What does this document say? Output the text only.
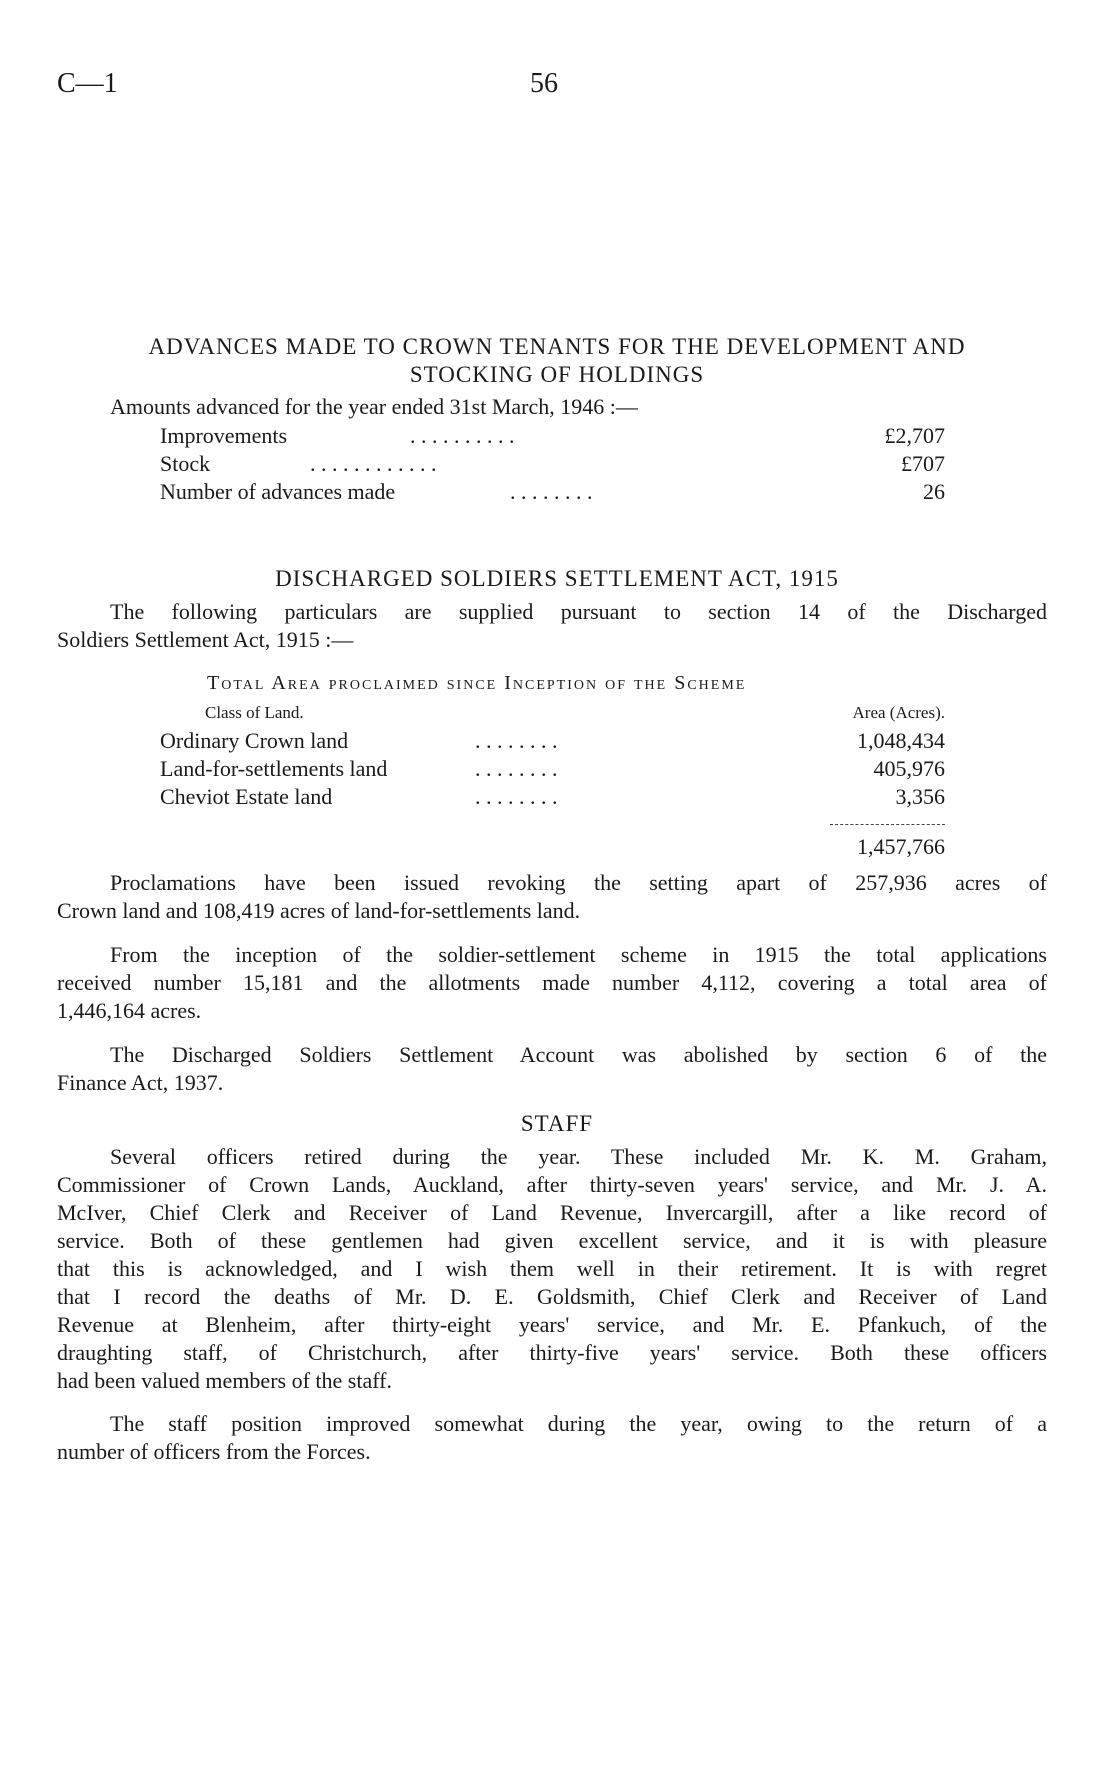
C—1	56
ADVANCES MADE TO CROWN TENANTS FOR THE DEVELOPMENT AND
STOCKING OF HOLDINGS
Amounts advanced for the year ended 31st March, 1946 :—
Improvements	. . . . . . . . . .	£2,707
Stock	. . . . . . . . . . . .	£707
Number of advances made	. . . . . . . .	26
DISCHARGED SOLDIERS SETTLEMENT ACT, 1915
The following particulars are supplied pursuant to section 14 of the Discharged
Soldiers Settlement Act, 1915 :—
Total Area proclaimed since Inception of the Scheme
Class of Land.	Area (Acres).
Ordinary Crown land	. . . . . . . .	1,048,434
Land-for-settlements land	. . . . . . . .	405,976
Cheviot Estate land	. . . . . . . .	3,356
1,457,766
Proclamations have been issued revoking the setting apart of 257,936 acres of
Crown land and 108,419 acres of land-for-settlements land.
From the inception of the soldier-settlement scheme in 1915 the total applications
received number 15,181 and the allotments made number 4,112, covering a total area of
1,446,164 acres.
The Discharged Soldiers Settlement Account was abolished by section 6 of the
Finance Act, 1937.
STAFF
Several officers retired during the year. These included Mr. K. M. Graham,
Commissioner of Crown Lands, Auckland, after thirty-seven years' service, and Mr. J. A.
McIver, Chief Clerk and Receiver of Land Revenue, Invercargill, after a like record of
service. Both of these gentlemen had given excellent service, and it is with pleasure
that this is acknowledged, and I wish them well in their retirement. It is with regret
that I record the deaths of Mr. D. E. Goldsmith, Chief Clerk and Receiver of Land
Revenue at Blenheim, after thirty-eight years' service, and Mr. E. Pfankuch, of the
draughting staff, of Christchurch, after thirty-five years' service. Both these officers
had been valued members of the staff.
The staff position improved somewhat during the year, owing to the return of a
number of officers from the Forces.
